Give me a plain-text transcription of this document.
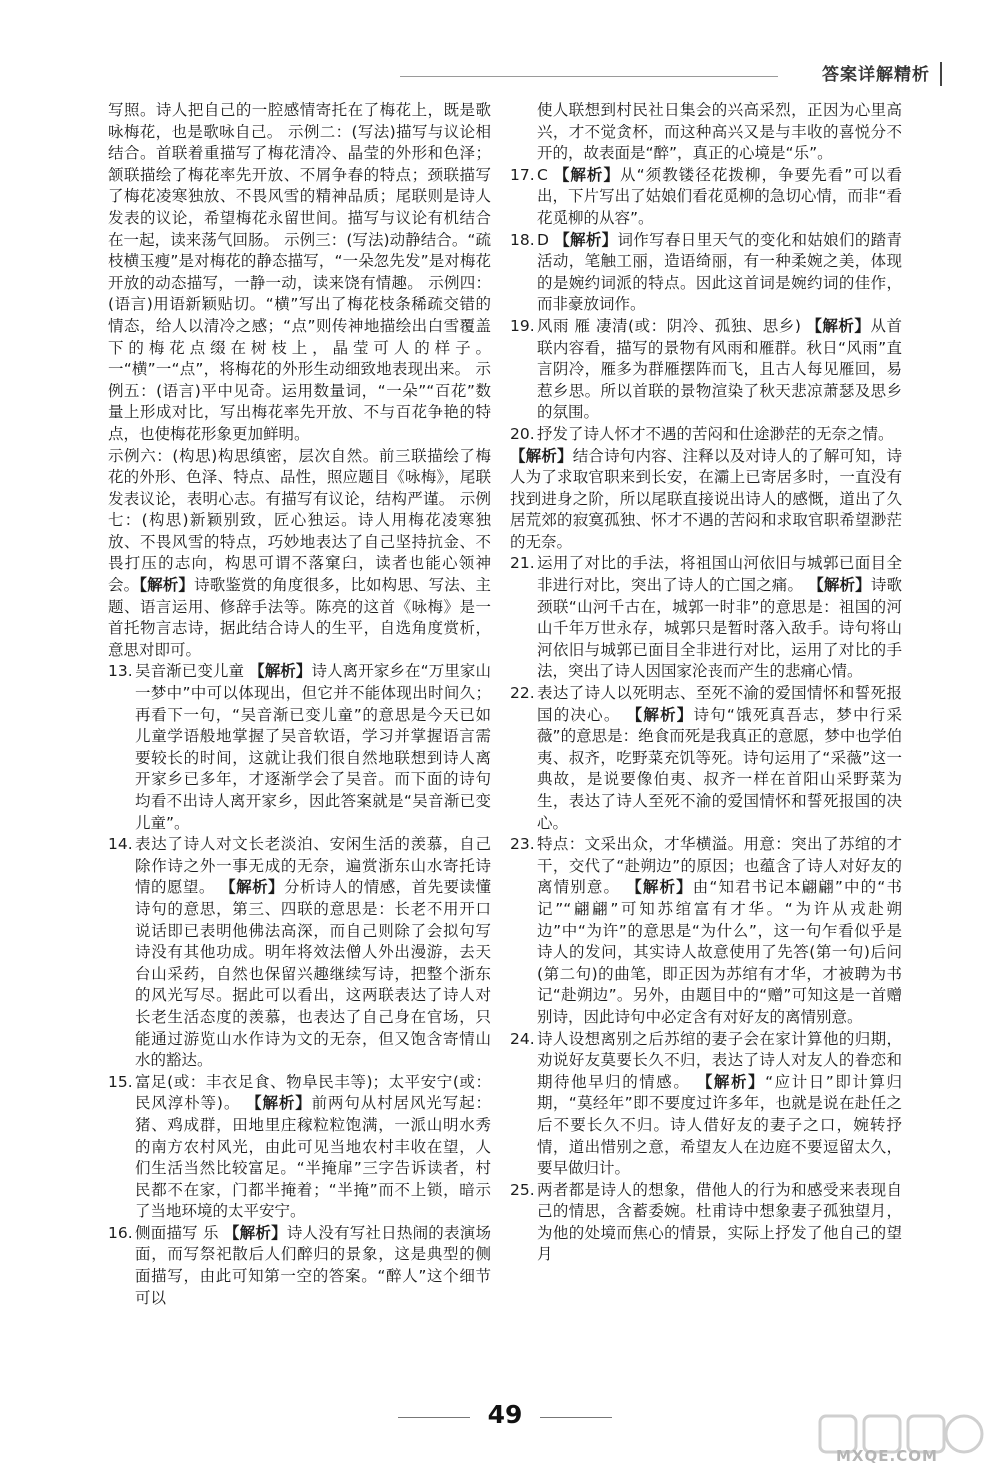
答案详解精析

写照。诗人把自己的一腔感情寄托在了梅花上，既是歌咏梅花，也是歌咏自己。 示例二：(写法)描写与议论相结合。首联着重描写了梅花清冷、晶莹的外形和色泽；颔联描绘了梅花率先开放、不屑争春的特点；颈联描写了梅花凌寒独放、不畏风雪的精神品质；尾联则是诗人发表的议论，希望梅花永留世间。描写与议论有机结合在一起，读来荡气回肠。 示例三：(写法)动静结合。“疏枝横玉瘦”是对梅花的静态描写，“一朵忽先发”是对梅花开放的动态描写，一静一动，读来饶有情趣。 示例四：(语言)用语新颖贴切。“横”写出了梅花枝条稀疏交错的情态，给人以清冷之感；“点”则传神地描绘出白雪覆盖下的梅花点缀在树枝上，晶莹可人的样子。一“横”一“点”，将梅花的外形生动细致地表现出来。 示例五：(语言)平中见奇。运用数量词，“一朵”“百花”数量上形成对比，写出梅花率先开放、不与百花争艳的特点，也使梅花形象更加鲜明。

示例六：(构思)构思缜密，层次自然。前三联描绘了梅花的外形、色泽、特点、品性，照应题目《咏梅》，尾联发表议论，表明心志。有描写有议论，结构严谨。 示例七：(构思)新颖别致，匠心独运。诗人用梅花凌寒独放、不畏风雪的特点，巧妙地表达了自己坚持抗金、不畏打压的志向，构思可谓不落窠臼，读者也能心领神会。【解析】诗歌鉴赏的角度很多，比如构思、写法、主题、语言运用、修辞手法等。陈亮的这首《咏梅》是一首托物言志诗，据此结合诗人的生平，自选角度赏析，意思对即可。

13. 吴音渐已变儿童 【解析】诗人离开家乡在“万里家山一梦中”中可以体现出，但它并不能体现出时间久；再看下一句，“吴音渐已变儿童”的意思是今天已如儿童学语般地掌握了吴音软语，学习并掌握语言需要较长的时间，这就让我们很自然地联想到诗人离开家乡已多年，才逐渐学会了吴音。而下面的诗句均看不出诗人离开家乡，因此答案就是“吴音渐已变儿童”。
14. 表达了诗人对文长老淡泊、安闲生活的羡慕，自己除作诗之外一事无成的无奈，遍赏浙东山水寄托诗情的愿望。 【解析】分析诗人的情感，首先要读懂诗句的意思，第三、四联的意思是：长老不用开口说话即已表明他佛法高深，而自己则除了会拟句写诗没有其他功成。明年将效法僧人外出漫游，去天台山采药，自然也保留兴趣继续写诗，把整个浙东的风光写尽。据此可以看出，这两联表达了诗人对长老生活态度的羡慕，也表达了自己身在官场，只能通过游览山水作诗为文的无奈，但又饱含寄情山水的豁达。
15. 富足(或：丰衣足食、物阜民丰等)；太平安宁(或：民风淳朴等)。 【解析】前两句从村居风光写起：猪、鸡成群，田地里庄稼粒粒饱满，一派山明水秀的南方农村风光，由此可见当地农村丰收在望，人们生活当然比较富足。“半掩扉”三字告诉读者，村民都不在家，门都半掩着；“半掩”而不上锁，暗示了当地环境的太平安宁。
16. 侧面描写 乐 【解析】诗人没有写社日热闹的表演场面，而写祭祀散后人们醉归的景象，这是典型的侧面描写，由此可知第一空的答案。“醉人”这个细节可以
使人联想到村民社日集会的兴高采烈，正因为心里高兴，才不觉贪杯，而这种高兴又是与丰收的喜悦分不开的，故表面是“醉”，真正的心境是“乐”。
17. C 【解析】从“须教镂径花拨柳，争要先看”可以看出，下片写出了姑娘们看花觅柳的急切心情，而非“看花觅柳的从容”。
18. D 【解析】词作写春日里天气的变化和姑娘们的踏青活动，笔触工丽，造语绮丽，有一种柔婉之美，体现的是婉约词派的特点。因此这首词是婉约词的佳作，而非豪放词作。
19. 风雨 雁 凄清(或：阴冷、孤独、思乡) 【解析】从首联内容看，描写的景物有风雨和雁群。秋日“风雨”直言阴冷，雁多为群雁摆阵而飞，且古人每见雁回，易惹乡思。所以首联的景物渲染了秋天悲凉萧瑟及思乡的氛围。
20. 抒发了诗人怀才不遇的苦闷和仕途渺茫的无奈之情。
【解析】结合诗句内容、注释以及对诗人的了解可知，诗人为了求取官职来到长安，在灞上已寄居多时，一直没有找到进身之阶，所以尾联直接说出诗人的感慨，道出了久居荒郊的寂寞孤独、怀才不遇的苦闷和求取官职希望渺茫的无奈。
21. 运用了对比的手法，将祖国山河依旧与城郭已面目全非进行对比，突出了诗人的亡国之痛。 【解析】诗歌颈联“山河千古在，城郭一时非”的意思是：祖国的河山千年万世永存，城郭只是暂时落入敌手。诗句将山河依旧与城郭已面目全非进行对比，运用了对比的手法，突出了诗人因国家沦丧而产生的悲痛心情。
22. 表达了诗人以死明志、至死不渝的爱国情怀和誓死报国的决心。 【解析】诗句“饿死真吾志，梦中行采薇”的意思是：绝食而死是我真正的意愿，梦中也学伯夷、叔齐，吃野菜充饥等死。诗句运用了“采薇”这一典故，是说要像伯夷、叔齐一样在首阳山采野菜为生，表达了诗人至死不渝的爱国情怀和誓死报国的决心。
23. 特点：文采出众，才华横溢。用意：突出了苏绾的才干，交代了“赴朔边”的原因；也蕴含了诗人对好友的离情别意。 【解析】由“知君书记本翩翩”中的“书记”“翩翩”可知苏绾富有才华。“为许从戎赴朔边”中“为许”的意思是“为什么”，这一句乍看似乎是诗人的发问，其实诗人故意使用了先答(第一句)后问(第二句)的曲笔，即正因为苏绾有才华，才被聘为书记“赴朔边”。另外，由题目中的“赠”可知这是一首赠别诗，因此诗句中必定含有对好友的离情别意。
24. 诗人设想离别之后苏绾的妻子会在家计算他的归期，劝说好友莫要长久不归，表达了诗人对友人的眷恋和期待他早归的情感。 【解析】“应计日”即计算归期，“莫经年”即不要度过许多年，也就是说在赴任之后不要长久不归。诗人借好友的妻子之口，婉转抒情，道出惜别之意，希望友人在边庭不要逗留太久，要早做归计。
25. 两者都是诗人的想象，借他人的行为和感受来表现自己的情思，含蓄委婉。杜甫诗中想象妻子孤独望月，为他的处境而焦心的情景，实际上抒发了他自己的望月
49
MXQE.COM
